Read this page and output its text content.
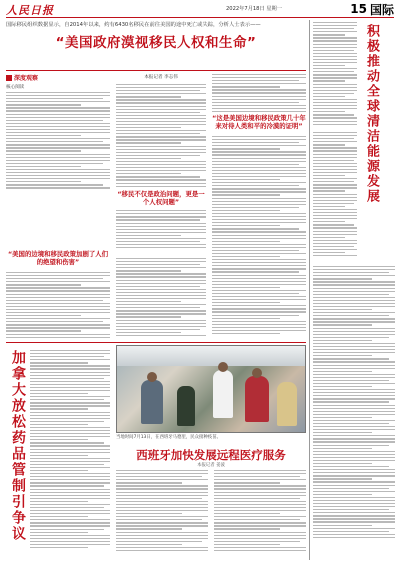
人民日报	2022年7月18日 星期一	15 国际
国际移民组织数据显示，自2014年以来，约有6430名移民在前往美国的途中死亡或失踪，分析人士表示——
“美国政府漠视移民人权和生命”
深度观察
核心阅读
“美国的边境和移民政策加剧了人们的绝望和伤害”
本报记者 李志伟
“移民不仅是政治问题，更是一个人权问题”
“这是美国边境和移民政策几十年来对待人类和平的冷漠的证明”
加拿大放松药品管制引争议	当地时间7月13日，在西班牙马德里，民众接种疫苗。
西班牙加快发展远程医疗服务
本报记者 姜波
积极推动全球清洁能源发展
